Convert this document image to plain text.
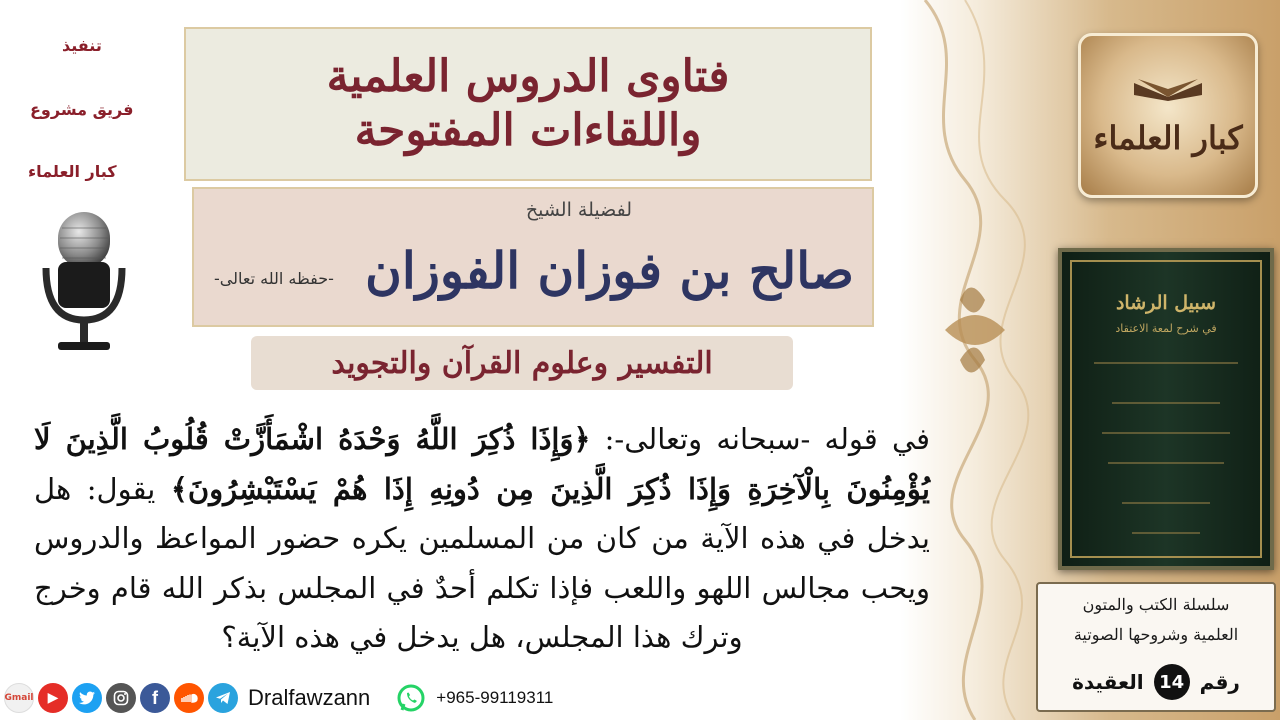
فتاوى الدروس العلمية
واللقاءات المفتوحة
لفضيلة الشيخ
صالح بن فوزان الفوزان
-حفظه الله تعالى-
التفسير وعلوم القرآن والتجويد
تنفيذ
فريق مشروع
كبار العلماء
في قوله -سبحانه وتعالى-: ﴿وَإِذَا ذُكِرَ اللَّهُ وَحْدَهُ اشْمَأَزَّتْ قُلُوبُ الَّذِينَ لَا يُؤْمِنُونَ بِالْآخِرَةِ وَإِذَا ذُكِرَ الَّذِينَ مِن دُونِهِ إِذَا هُمْ يَسْتَبْشِرُونَ﴾ يقول: هل يدخل في هذه الآية من كان من المسلمين يكره حضور المواعظ والدروس ويحب مجالس اللهو واللعب فإذا تكلم أحدٌ في المجلس بذكر الله قام وخرج وترك هذا المجلس، هل يدخل في هذه الآية؟
كبار العلماء
سبيل الرشاد
في شرح لمعة الاعتقاد
سلسلة الكتب والمتون
العلمية وشروحها الصوتية
رقم
14
العقيدة
Gmail	▶	f	Dralfawzann	+965-99119311
